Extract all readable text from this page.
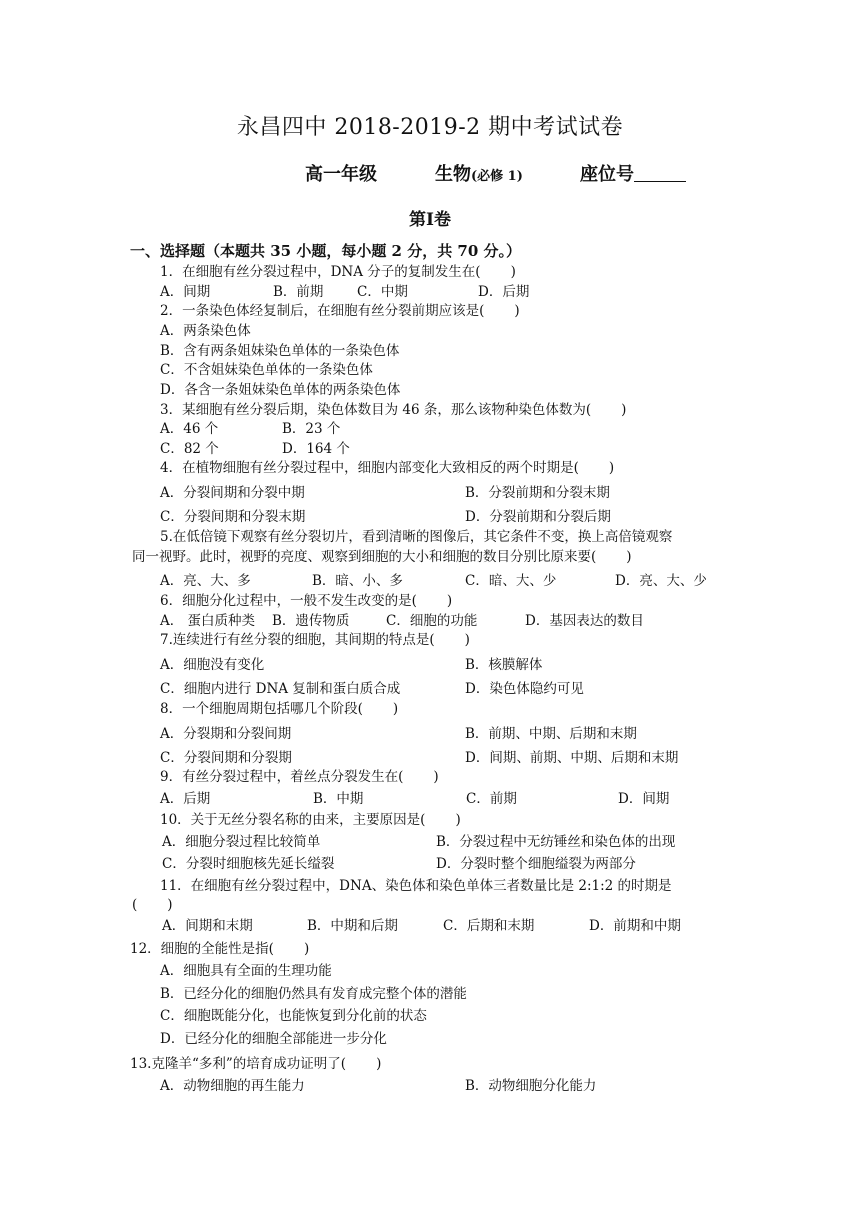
永昌四中 2018-2019-2 期中考试试卷
高一年级	生物(必修 1)	座位号
第Ⅰ卷
一、选择题（本题共 35 小题，每小题 2 分，共 70 分。）
1．在细胞有丝分裂过程中，DNA 分子的复制发生在(       )
A．间期	B．前期 C．中期	D．后期
2．一条染色体经复制后，在细胞有丝分裂前期应该是(       )
A．两条染色体
B．含有两条姐妹染色单体的一条染色体
C．不含姐妹染色单体的一条染色体
D．各含一条姐妹染色单体的两条染色体
3．某细胞有丝分裂后期，染色体数目为 46 条，那么该物种染色体数为(       )
A．46 个	B．23 个
C．82 个	D．164 个
4．在植物细胞有丝分裂过程中，细胞内部变化大致相反的两个时期是(       )
A．分裂间期和分裂中期	B．分裂前期和分裂末期
C．分裂间期和分裂末期	D．分裂前期和分裂后期
5.在低倍镜下观察有丝分裂切片，看到清晰的图像后，其它条件不变，换上高倍镜观察
同一视野。此时，视野的亮度、观察到细胞的大小和细胞的数目分别比原来要(       )
A．亮、大、多	B．暗、小、多	C．暗、大、少	D．亮、大、少
6．细胞分化过程中，一般不发生改变的是(       )
A． 蛋白质种类 B．遗传物质	C．细胞的功能	D．基因表达的数目
7.连续进行有丝分裂的细胞，其间期的特点是(       )
A．细胞没有变化	B．核膜解体
C．细胞内进行 DNA 复制和蛋白质合成	D．染色体隐约可见
8．一个细胞周期包括哪几个阶段(       )
A．分裂期和分裂间期	B．前期、中期、后期和末期
C．分裂间期和分裂期	D．间期、前期、中期、后期和末期
9．有丝分裂过程中，着丝点分裂发生在(       )
A．后期	B．中期	C．前期	D．间期
10．关于无丝分裂名称的由来，主要原因是(       )
A．细胞分裂过程比较简单	B．分裂过程中无纺锤丝和染色体的出现
C．分裂时细胞核先延长缢裂	D．分裂时整个细胞缢裂为两部分
11．在细胞有丝分裂过程中，DNA、染色体和染色单体三者数量比是 2:1:2 的时期是
(       )
A．间期和末期	B．中期和后期	C．后期和末期	D．前期和中期
12．细胞的全能性是指(       )
A．细胞具有全面的生理功能
B．已经分化的细胞仍然具有发育成完整个体的潜能
C．细胞既能分化，也能恢复到分化前的状态
D．已经分化的细胞全部能进一步分化
13.克隆羊“多利”的培育成功证明了(       )
A．动物细胞的再生能力	B．动物细胞分化能力
